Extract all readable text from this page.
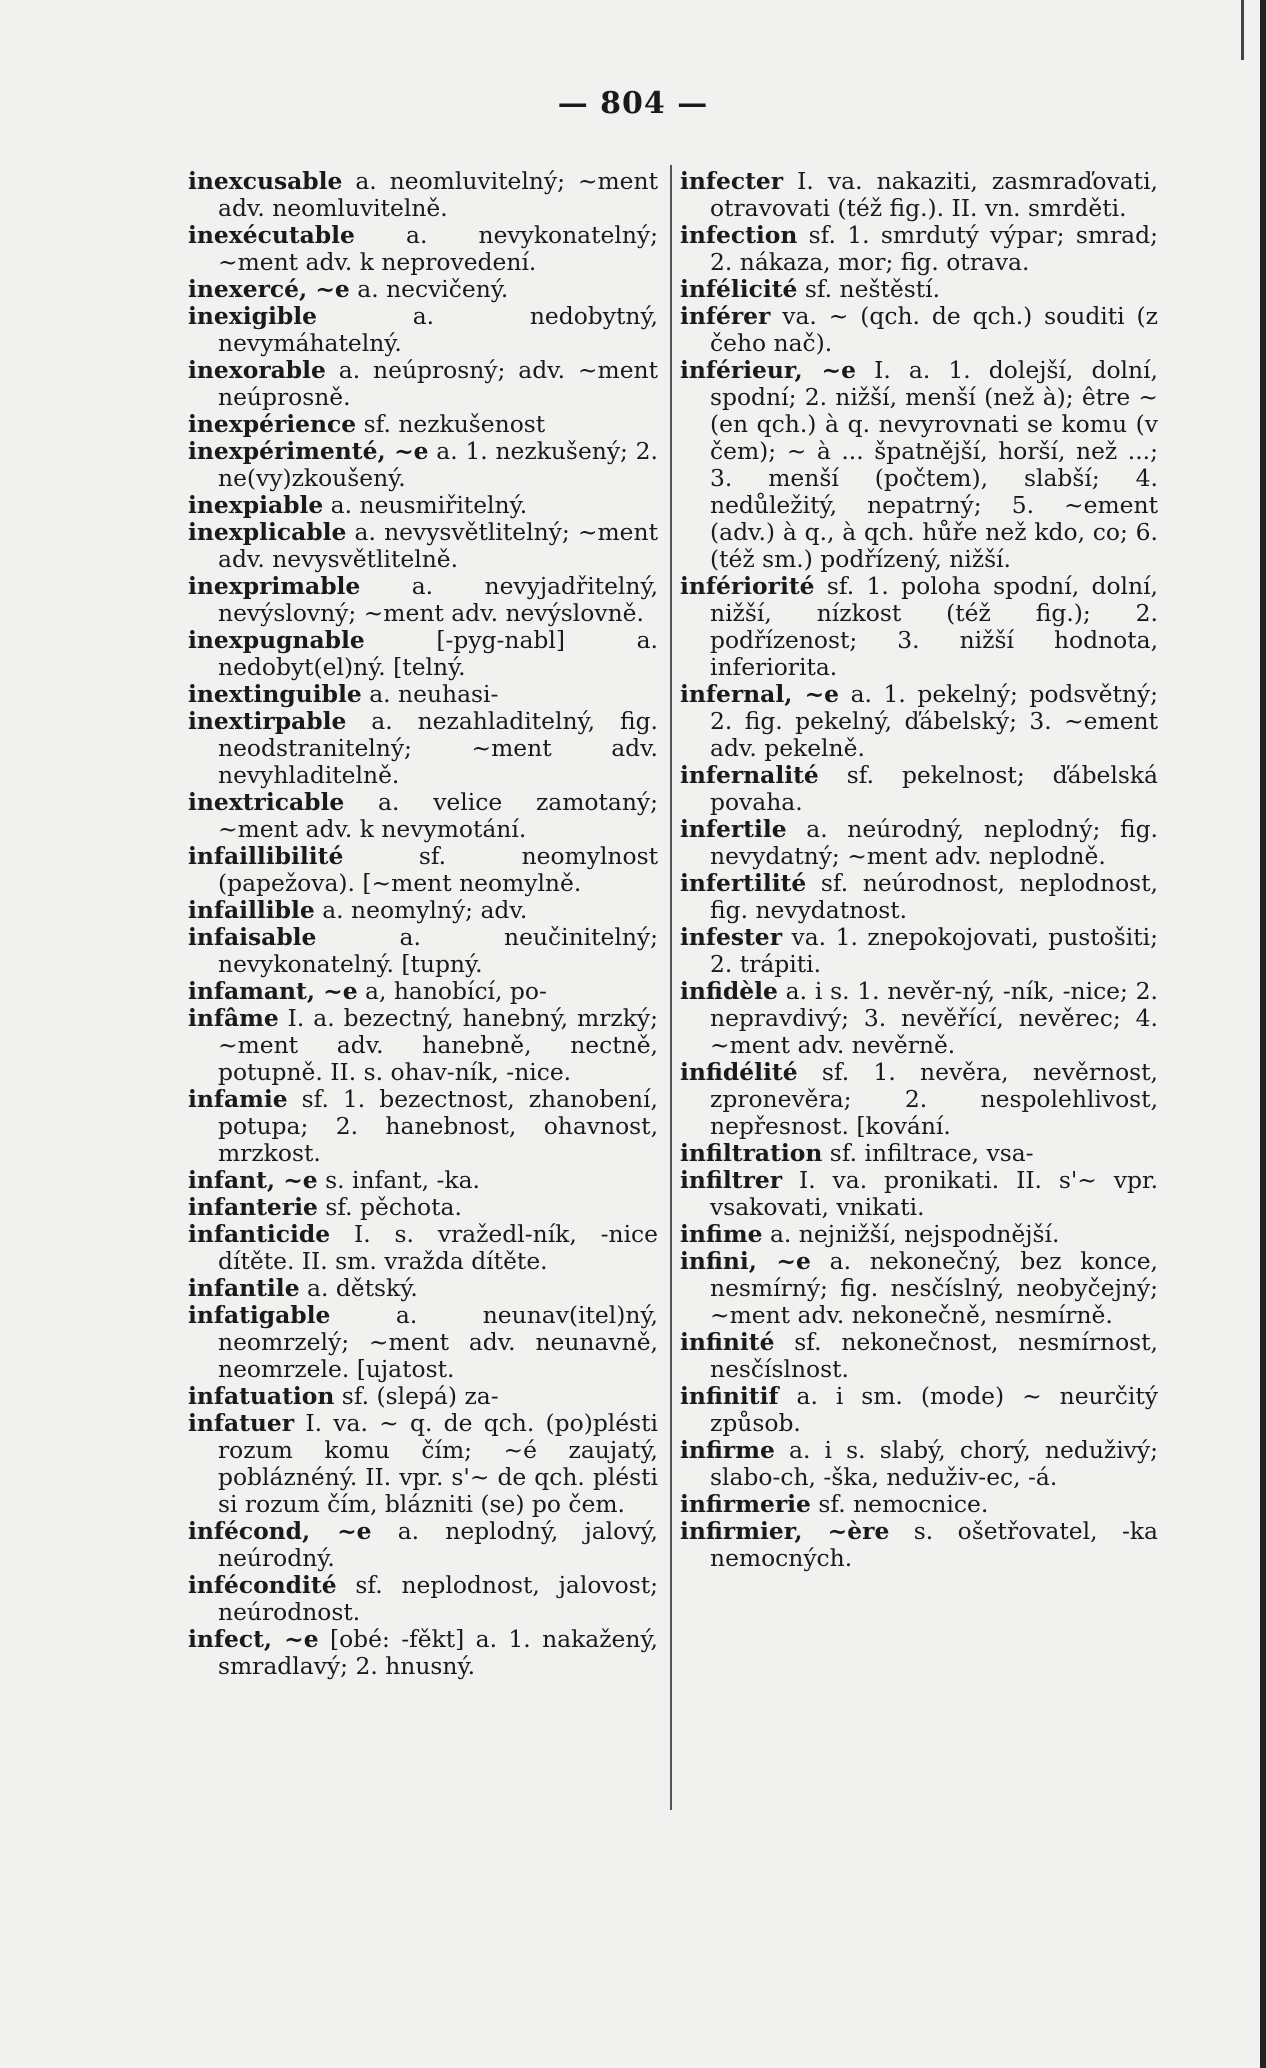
— 804 —

inexcusable a. neomluvitelný; ~ment adv. neomluvitelně.

inexécutable a. nevykonatelný; ~ment adv. k neprovedení.

inexercé, ~e a. necvičený.

inexigible a. nedobytný, nevymáhatelný.

inexorable a. neúprosný; adv. ~ment neúprosně.

inexpérience sf. nezkušenost

inexpérimenté, ~e a. 1. nezkušený; 2. ne(vy)zkoušený.

inexpiable a. neusmiřitelný.

inexplicable a. nevysvětlitelný; ~ment adv. nevysvětlitelně.

inexprimable a. nevyjadřitelný, nevýslovný; ~ment adv. nevýslovně.

inexpugnable [-pyg-nabl] a. nedobyt(el)ný. [telný.

inextinguible a. neuhasi-

inextirpable a. nezahladitelný, fig. neodstranitelný; ~ment adv. nevyhladitelně.

inextricable a. velice zamotaný; ~ment adv. k nevymotání.

infaillibilité sf. neomylnost (papežova). [~ment neomylně.

infaillible a. neomylný; adv.

infaisable a. neučinitelný; nevykonatelný. [tupný.

infamant, ~e a, hanobící, po-

infâme I. a. bezectný, hanebný, mrzký; ~ment adv. hanebně, nectně, potupně. II. s. ohav-ník, -nice.

infamie sf. 1. bezectnost, zhanobení, potupa; 2. hanebnost, ohavnost, mrzkost.

infant, ~e s. infant, -ka.

infanterie sf. pěchota.

infanticide I. s. vražedl-ník, -nice dítěte. II. sm. vražda dítěte.

infantile a. dětský.

infatigable a. neunav(itel)ný, neomrzelý; ~ment adv. neunavně, neomrzele. [ujatost.

infatuation sf. (slepá) za-

infatuer I. va. ~ q. de qch. (po)plésti rozum komu čím; ~é zaujatý, pobláznéný. II. vpr. s'~ de qch. plésti si rozum čím, blázniti (se) po čem.

infécond, ~e a. neplodný, jalový, neúrodný.

infécondité sf. neplodnost, jalovost; neúrodnost.

infect, ~e [obé: -fěkt] a. 1. nakažený, smradlavý; 2. hnusný.

infecter I. va. nakaziti, zasmraďovati, otravovati (též fig.). II. vn. smrděti.

infection sf. 1. smrdutý výpar; smrad; 2. nákaza, mor; fig. otrava.

infélicité sf. neštěstí.

inférer va. ~ (qch. de qch.) souditi (z čeho nač).

inférieur, ~e I. a. 1. dolejší, dolní, spodní; 2. nižší, menší (než à); être ~ (en qch.) à q. nevyrovnati se komu (v čem); ~ à ... špatnější, horší, než ...; 3. menší (počtem), slabší; 4. nedůležitý, nepatrný; 5. ~ement (adv.) à q., à qch. hůře než kdo, co; 6. (též sm.) podřízený, nižší.

infériorité sf. 1. poloha spodní, dolní, nižší, nízkost (též fig.); 2. podřízenost; 3. nižší hodnota, inferiorita.

infernal, ~e a. 1. pekelný; podsvětný; 2. fig. pekelný, ďábelský; 3. ~ement adv. pekelně.

infernalité sf. pekelnost; ďábelská povaha.

infertile a. neúrodný, neplodný; fig. nevydatný; ~ment adv. neplodně.

infertilité sf. neúrodnost, neplodnost, fig. nevydatnost.

infester va. 1. znepokojovati, pustošiti; 2. trápiti.

infidèle a. i s. 1. nevěr-ný, -ník, -nice; 2. nepravdivý; 3. nevěřící, nevěrec; 4. ~ment adv. nevěrně.

infidélité sf. 1. nevěra, nevěrnost, zpronevěra; 2. nespolehlivost, nepřesnost. [kování.

infiltration sf. infiltrace, vsa-

infiltrer I. va. pronikati. II. s'~ vpr. vsakovati, vnikati.

infime a. nejnižší, nejspodnější.

infini, ~e a. nekonečný, bez konce, nesmírný; fig. nesčíslný, neobyčejný; ~ment adv. nekonečně, nesmírně.

infinité sf. nekonečnost, nesmírnost, nesčíslnost.

infinitif a. i sm. (mode) ~ neurčitý způsob.

infirme a. i s. slabý, chorý, neduživý; slabo-ch, -ška, neduživ-ec, -á.

infirmerie sf. nemocnice.

infirmier, ~ère s. ošetřovatel, -ka nemocných.
